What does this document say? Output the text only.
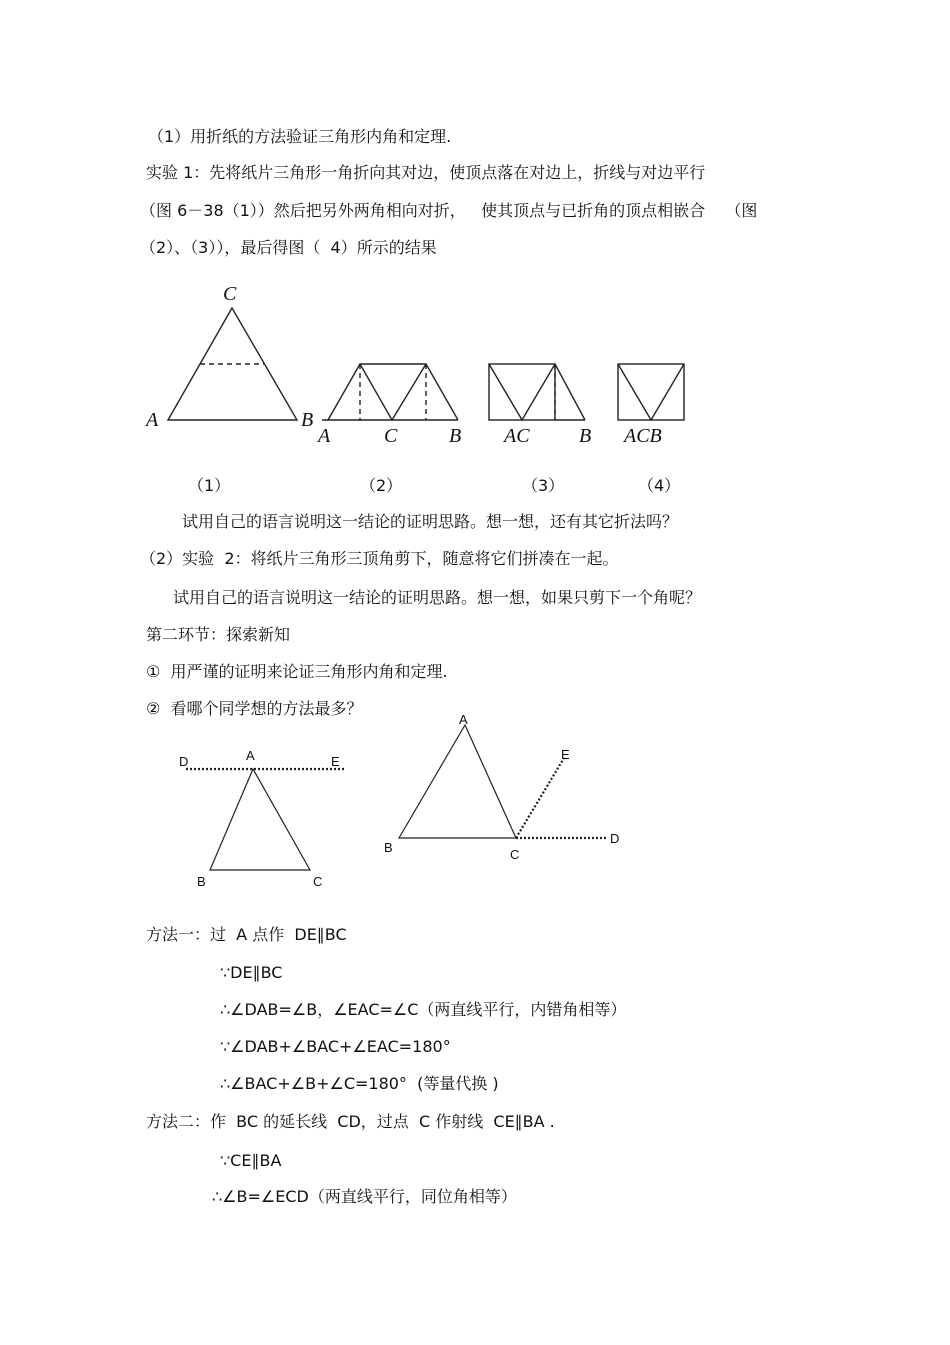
（1）用折纸的方法验证三角形内角和定理.
实验 1：先将纸片三角形一角折向其对边，使顶点落在对边上，折线与对边平行
（图 6－38（1））然后把另外两角相向对折，   使其顶点与已折角的顶点相嵌合    （图
（2）、（3）），最后得图（  4）所示的结果
C
A	B
A	C	B AC B ACB
（1）	（2）	（3）	（4）
试用自己的语言说明这一结论的证明思路。想一想，还有其它折法吗？
（2）实验  2：将纸片三角形三顶角剪下，随意将它们拼凑在一起。
试用自己的语言说明这一结论的证明思路。想一想，如果只剪下一个角呢？
第二环节：探索新知
①  用严谨的证明来论证三角形内角和定理.
②  看哪个同学想的方法最多？
D	A	E
B	C
A
E
B	C
D
方法一：过  A 点作  DE∥BC
∵DE∥BC
∴∠DAB=∠B，∠EAC=∠C（两直线平行，内错角相等）
∵∠DAB+∠BAC+∠EAC=180°
∴∠BAC+∠B+∠C=180°  (等量代换 )
方法二：作  BC 的延长线  CD，过点  C 作射线  CE∥BA .
∵CE∥BA
∴∠B=∠ECD（两直线平行，同位角相等）
